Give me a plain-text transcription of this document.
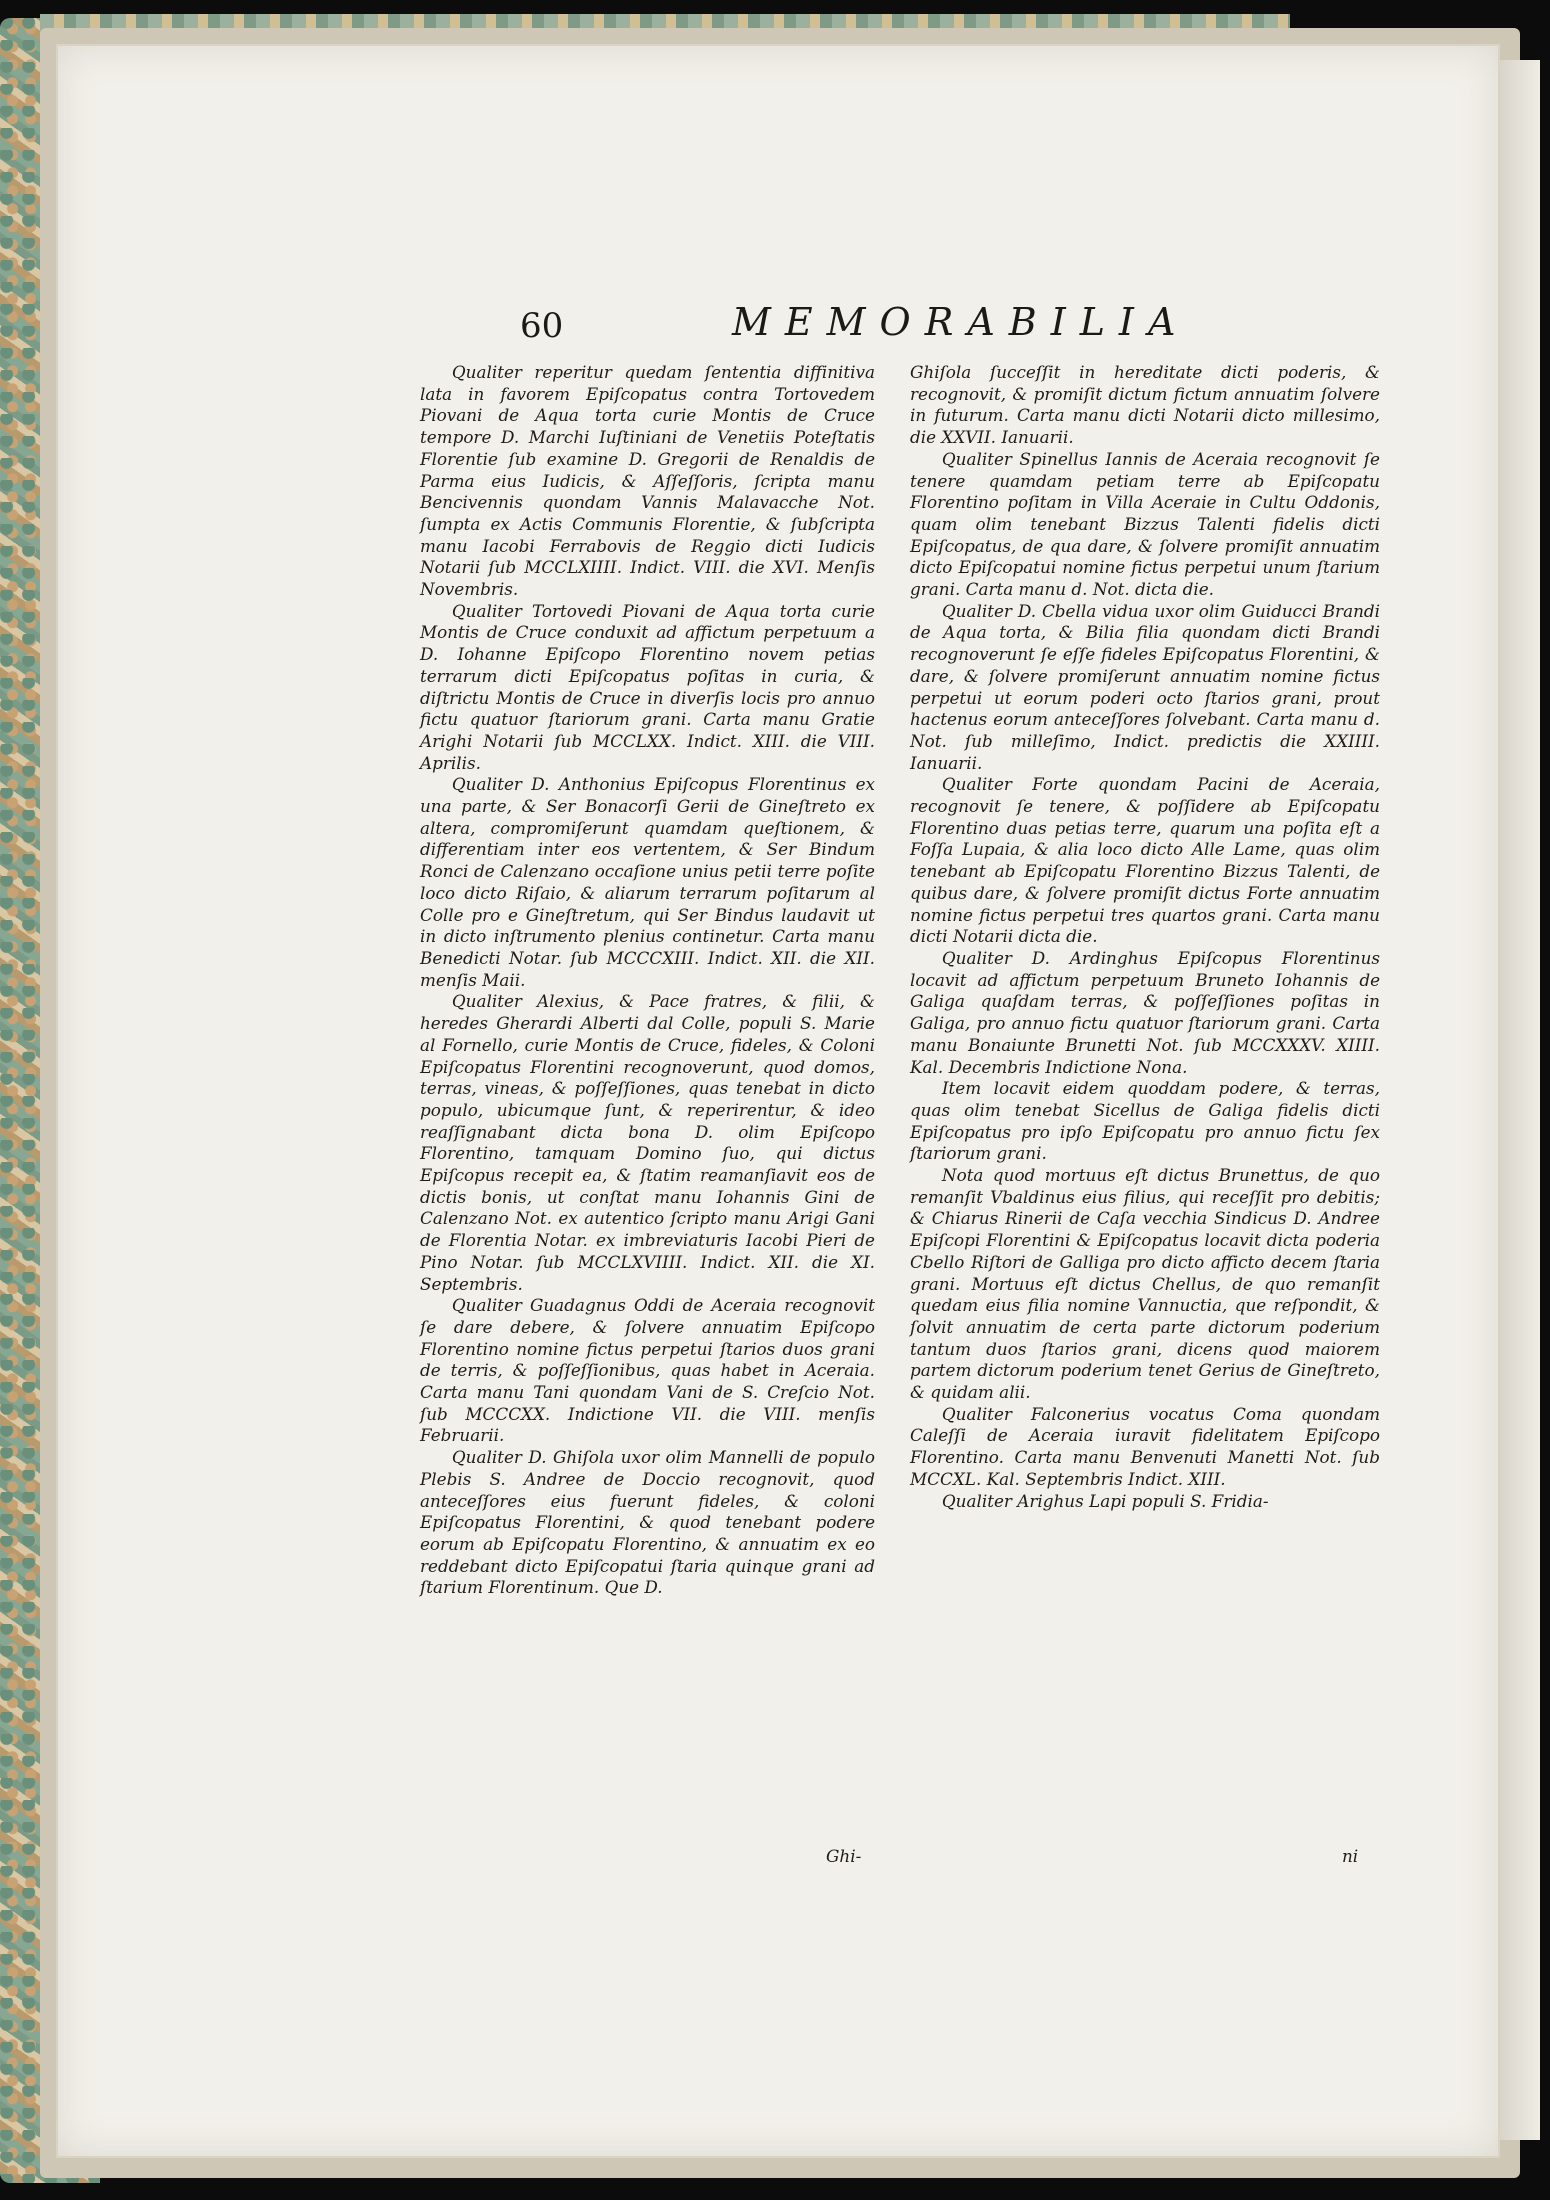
60	MEMORABILIA

Qualiter reperitur quedam ſententia diffinitiva lata in favorem Epiſcopatus contra Tortovedem Piovani de Aqua torta curie Montis de Cruce tempore D. Marchi Iuſtiniani de Venetiis Poteſtatis Florentie ſub examine D. Gregorii de Renaldis de Parma eius Iudicis, & Aſſeſſoris, ſcripta manu Bencivennis quondam Vannis Malavacche Not. ſumpta ex Actis Communis Florentie, & ſubſcripta manu Iacobi Ferrabovis de Reggio dicti Iudicis Notarii ſub MCCLXIIII. Indict. VIII. die XVI. Menſis Novembris.

Qualiter Tortovedi Piovani de Aqua torta curie Montis de Cruce conduxit ad affictum perpetuum a D. Iohanne Epiſcopo Florentino novem petias terrarum dicti Epiſcopatus poſitas in curia, & diſtrictu Montis de Cruce in diverſis locis pro annuo fictu quatuor ſtariorum grani. Carta manu Gratie Arighi Notarii ſub MCCLXX. Indict. XIII. die VIII. Aprilis.

Qualiter D. Anthonius Epiſcopus Florentinus ex una parte, & Ser Bonacorſi Gerii de Gineſtreto ex altera, compromiſerunt quamdam queſtionem, & differentiam inter eos vertentem, & Ser Bindum Ronci de Calenzano occaſione unius petii terre poſite loco dicto Riſaio, & aliarum terrarum poſitarum al Colle pro e Gineſtretum, qui Ser Bindus laudavit ut in dicto inſtrumento plenius continetur. Carta manu Benedicti Notar. ſub MCCCXIII. Indict. XII. die XII. menſis Maii.

Qualiter Alexius, & Pace fratres, & filii, & heredes Gherardi Alberti dal Colle, populi S. Marie al Fornello, curie Montis de Cruce, fideles, & Coloni Epiſcopatus Florentini recognoverunt, quod domos, terras, vineas, & poſſeſſiones, quas tenebat in dicto populo, ubicumque ſunt, & reperirentur, & ideo reaſſignabant dicta bona D. olim Epiſcopo Florentino, tamquam Domino ſuo, qui dictus Epiſcopus recepit ea, & ſtatim reamanſiavit eos de dictis bonis, ut conſtat manu Iohannis Gini de Calenzano Not. ex autentico ſcripto manu Arigi Gani de Florentia Notar. ex imbreviaturis Iacobi Pieri de Pino Notar. ſub MCCLXVIIII. Indict. XII. die XI. Septembris.

Qualiter Guadagnus Oddi de Aceraia recognovit ſe dare debere, & ſolvere annuatim Epiſcopo Florentino nomine fictus perpetui ſtarios duos grani de terris, & poſſeſſionibus, quas habet in Aceraia. Carta manu Tani quondam Vani de S. Creſcio Not. ſub MCCCXX. Indictione VII. die VIII. menſis Februarii.

Qualiter D. Ghiſola uxor olim Mannelli de populo Plebis S. Andree de Doccio recognovit, quod anteceſſores eius fuerunt fideles, & coloni Epiſcopatus Florentini, & quod tenebant podere eorum ab Epiſcopatu Florentino, & annuatim ex eo reddebant dicto Epiſcopatui ſtaria quinque grani ad ſtarium Florentinum. Que D.

Ghi-

Ghiſola ſucceſſit in hereditate dicti poderis, & recognovit, & promiſit dictum fictum annuatim ſolvere in futurum. Carta manu dicti Notarii dicto millesimo, die XXVII. Ianuarii.

Qualiter Spinellus Iannis de Aceraia recognovit ſe tenere quamdam petiam terre ab Epiſcopatu Florentino poſitam in Villa Aceraie in Cultu Oddonis, quam olim tenebant Bizzus Talenti fidelis dicti Epiſcopatus, de qua dare, & ſolvere promiſit annuatim dicto Epiſcopatui nomine fictus perpetui unum ſtarium grani. Carta manu d. Not. dicta die.

Qualiter D. Cbella vidua uxor olim Guiducci Brandi de Aqua torta, & Bilia filia quondam dicti Brandi recognoverunt ſe eſſe fideles Epiſcopatus Florentini, & dare, & ſolvere promiſerunt annuatim nomine fictus perpetui ut eorum poderi octo ſtarios grani, prout hactenus eorum anteceſſores ſolvebant. Carta manu d. Not. ſub milleſimo, Indict. predictis die XXIIII. Ianuarii.

Qualiter Forte quondam Pacini de Aceraia, recognovit ſe tenere, & poſſidere ab Epiſcopatu Florentino duas petias terre, quarum una poſita eſt a Foſſa Lupaia, & alia loco dicto Alle Lame, quas olim tenebant ab Epiſcopatu Florentino Bizzus Talenti, de quibus dare, & ſolvere promiſit dictus Forte annuatim nomine fictus perpetui tres quartos grani. Carta manu dicti Notarii dicta die.

Qualiter D. Ardinghus Epiſcopus Florentinus locavit ad affictum perpetuum Bruneto Iohannis de Galiga quaſdam terras, & poſſeſſiones poſitas in Galiga, pro annuo fictu quatuor ſtariorum grani. Carta manu Bonaiunte Brunetti Not. ſub MCCXXXV. XIIII. Kal. Decembris Indictione Nona.

Item locavit eidem quoddam podere, & terras, quas olim tenebat Sicellus de Galiga fidelis dicti Epiſcopatus pro ipſo Epiſcopatu pro annuo fictu ſex ſtariorum grani.

Nota quod mortuus eſt dictus Brunettus, de quo remanſit Vbaldinus eius filius, qui receſſit pro debitis; & Chiarus Rinerii de Caſa vecchia Sindicus D. Andree Epiſcopi Florentini & Epiſcopatus locavit dicta poderia Cbello Riſtori de Galliga pro dicto afficto decem ſtaria grani. Mortuus eſt dictus Chellus, de quo remanſit quedam eius filia nomine Vannuctia, que reſpondit, & ſolvit annuatim de certa parte dictorum poderium tantum duos ſtarios grani, dicens quod maiorem partem dictorum poderium tenet Gerius de Gineſtreto, & quidam alii.

Qualiter Falconerius vocatus Coma quondam Caleſſi de Aceraia iuravit fidelitatem Epiſcopo Florentino. Carta manu Benvenuti Manetti Not. ſub MCCXL. Kal. Septembris Indict. XIII.

Qualiter Arighus Lapi populi S. Fridia-

ni
